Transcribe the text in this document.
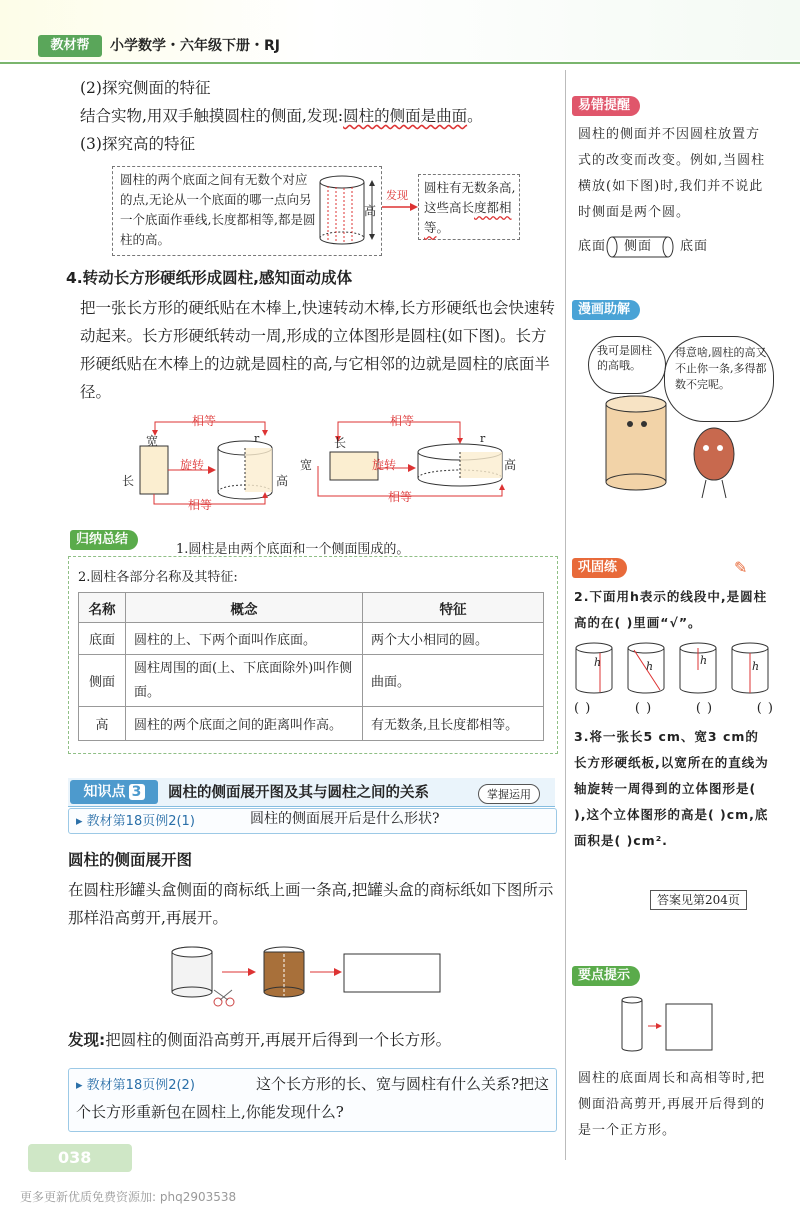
教材帮	小学数学・六年级下册・RJ
(2)探究侧面的特征
结合实物,用双手触摸圆柱的侧面,发现:圆柱的侧面是曲面。
(3)探究高的特征
圆柱的两个底面之间有无数个对应的点,无论从一个底面的哪一点向另一个底面作垂线,长度都相等,都是圆柱的高。
高
发现
圆柱有无数条高,这些高长度都相等。
4.转动长方形硬纸形成圆柱,感知面动成体
把一张长方形的硬纸贴在木棒上,快速转动木棒,长方形硬纸也会快速转动起来。长方形硬纸转动一周,形成的立体图形是圆柱(如下图)。长方形硬纸贴在木棒上的边就是圆柱的高,与它相邻的边就是圆柱的底面半径。
相等
宽
长
旋转
高
r
相等
相等
长
宽	旋转	高
r
相等
归纳总结
1.圆柱是由两个底面和一个侧面围成的。
2.圆柱各部分名称及其特征:
名称	概念	特征
底面	圆柱的上、下两个面叫作底面。	两个大小相同的圆。
侧面	圆柱周围的面(上、下底面除外)叫作侧面。	曲面。
高	圆柱的两个底面之间的距离叫作高。	有无数条,且长度都相等。
知识点 3	圆柱的侧面展开图及其与圆柱之间的关系	掌握运用
▸ 教材第18页例2(1)	圆柱的侧面展开后是什么形状?
圆柱的侧面展开图
在圆柱形罐头盒侧面的商标纸上画一条高,把罐头盒的商标纸如下图所示那样沿高剪开,再展开。
发现:把圆柱的侧面沿高剪开,再展开后得到一个长方形。
▸ 教材第18页例2(2)	这个长方形的长、宽与圆柱有什么关系?把这个长方形重新包在圆柱上,你能发现什么?
038
更多更新优质免费资源加: phq2903538
易错提醒
圆柱的侧面并不因圆柱放置方式的改变而改变。例如,当圆柱横放(如下图)时,我们并不说此时侧面是两个圆。
底面 侧面 底面
漫画助解
我可是圆柱的高哦。
得意啥,圆柱的高又不止你一条,多得都数不完呢。
巩固练	✎
2.下面用h表示的线段中,是圆柱高的在( )里画“√”。
h	h	h	h
( )	( )	( )	( )
3.将一张长5 cm、宽3 cm的长方形硬纸板,以宽所在的直线为轴旋转一周得到的立体图形是( ),这个立体图形的高是( )cm,底面积是( )cm².
答案见第204页
要点提示
圆柱的底面周长和高相等时,把侧面沿高剪开,再展开后得到的是一个正方形。
